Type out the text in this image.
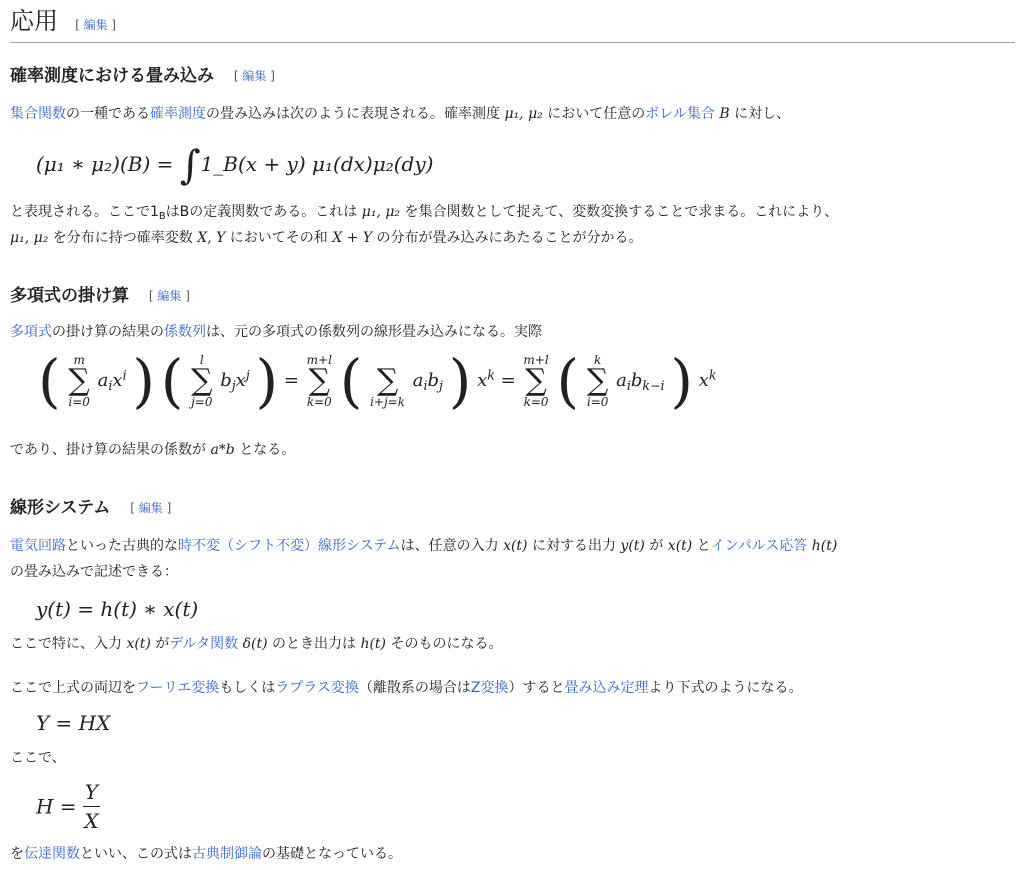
応用 [ 編集 ]
確率測度における畳み込み [ 編集 ]
集合関数の一種である確率測度の畳み込みは次のように表現される。確率測度 μ₁, μ₂ において任意のボレル集合 B に対し、
(μ₁ ∗ μ₂)(B) = ∫1_B(x + y) μ₁(dx)μ₂(dy)
と表現される。ここで$1_B$はBの定義関数である。これは μ₁, μ₂ を集合関数として捉えて、変数変換することで求まる。これにより、
μ₁, μ₂ を分布に持つ確率変数 X, Y においてその和 X + Y の分布が畳み込みにあたることが分かる。
多項式の掛け算 [ 編集 ]
多項式の掛け算の結果の係数列は、元の多項式の係数列の線形畳み込みになる。実際
( m
∑
i=0
$a_ix^i$ ) ( l
∑
j=0
$b_jx^j$ ) =
m+l
∑
k=0 (
∑
i+j=k
$a_ib_j$ ) $x^k$ =
m+l
∑
k=0 ( k
∑
i=0
$a_ib_{k-i}$ ) $x^k$
であり、掛け算の結果の係数が a*b となる。
線形システム [ 編集 ]
電気回路といった古典的な時不変（シフト不変）線形システムは、任意の入力 x(t) に対する出力 y(t) が x(t) とインパルス応答 h(t)
の畳み込みで記述できる：
y(t) = h(t) ∗ x(t)
ここで特に、入力 x(t) がデルタ関数 δ(t) のとき出力は h(t) そのものになる。
ここで上式の両辺をフーリエ変換もしくはラプラス変換（離散系の場合はZ変換）すると畳み込み定理より下式のようになる。
Y = HX
ここで、
$H = \frac{Y}{X}$
を伝達関数といい、この式は古典制御論の基礎となっている。
